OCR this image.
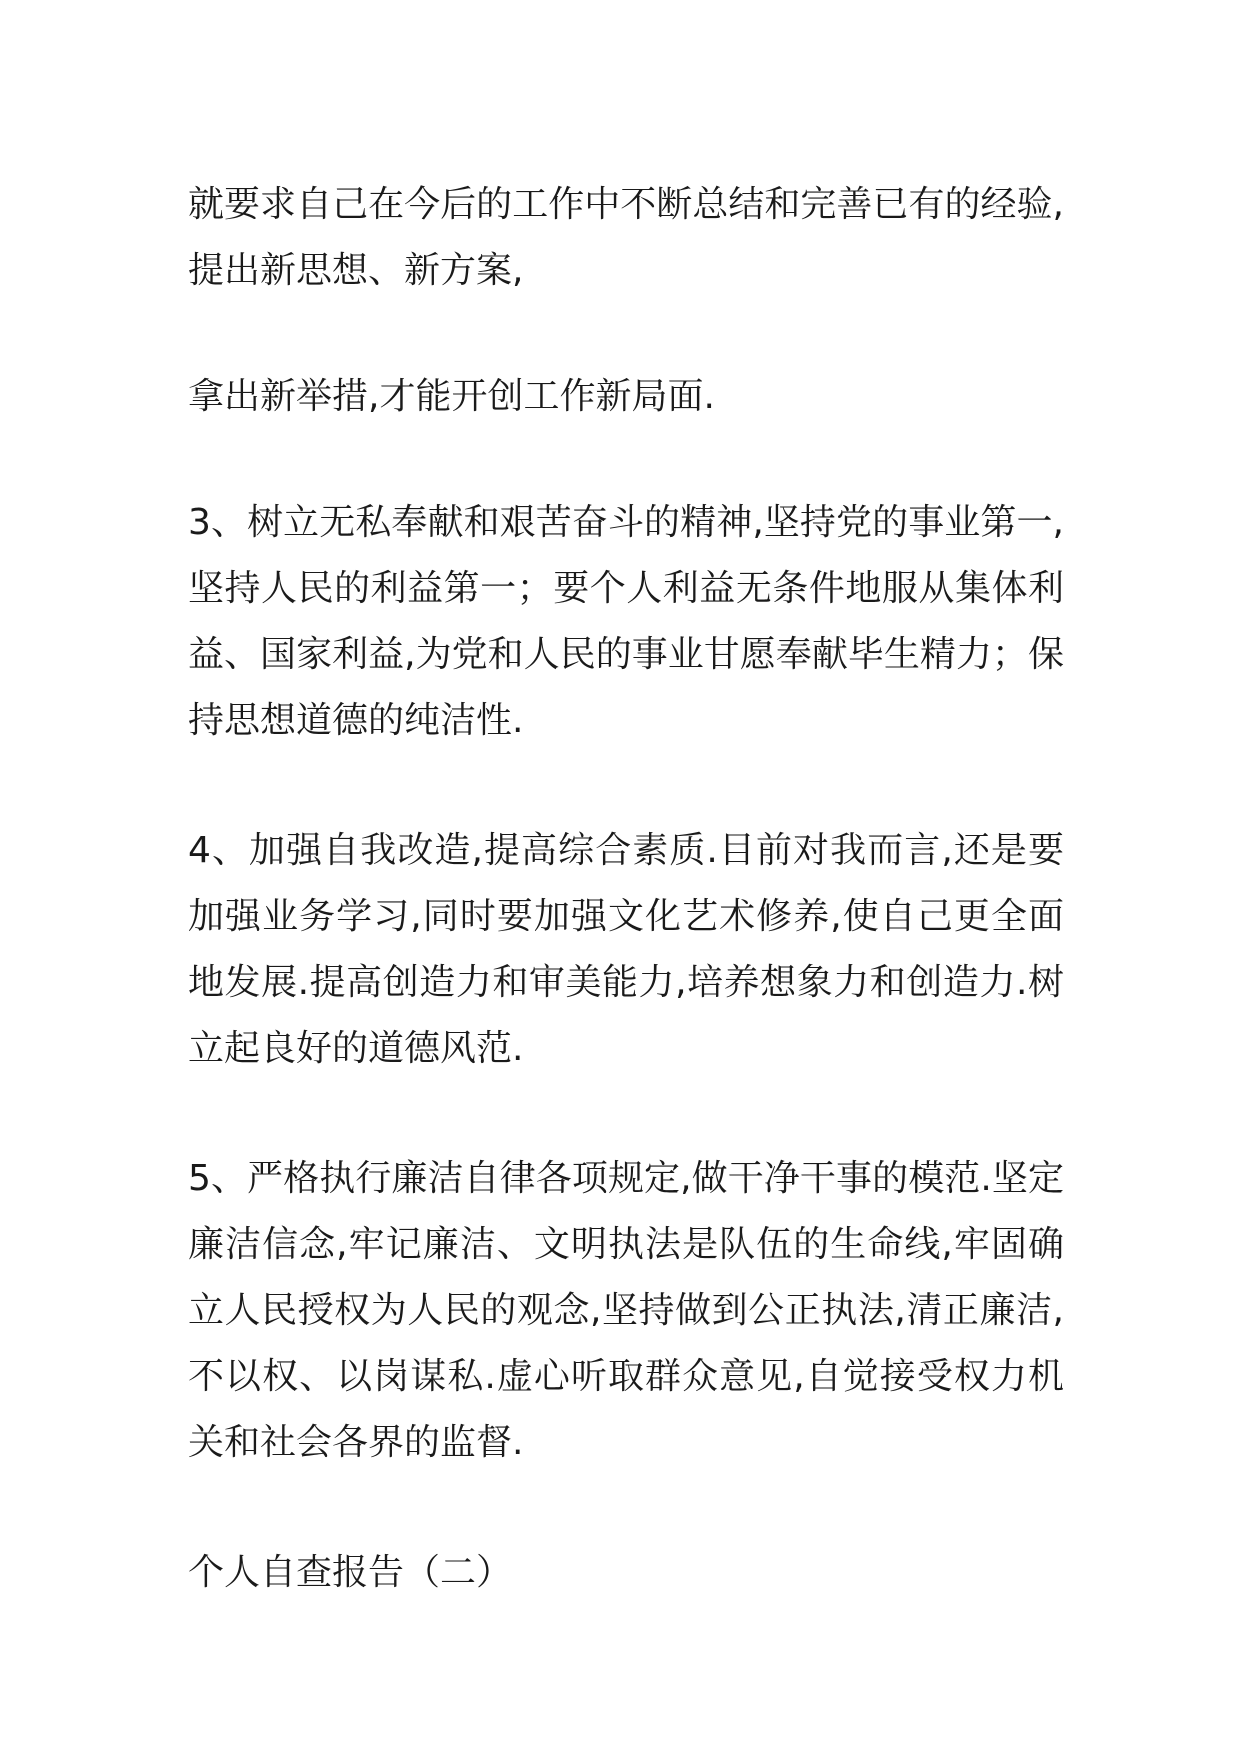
就要求自己在今后的工作中不断总结和完善已有的经验,提出新思想、新方案,

拿出新举措,才能开创工作新局面.

3、树立无私奉献和艰苦奋斗的精神,坚持党的事业第一,坚持人民的利益第一；要个人利益无条件地服从集体利益、国家利益,为党和人民的事业甘愿奉献毕生精力；保持思想道德的纯洁性.

4、加强自我改造,提高综合素质.目前对我而言,还是要加强业务学习,同时要加强文化艺术修养,使自己更全面地发展.提高创造力和审美能力,培养想象力和创造力.树立起良好的道德风范.

5、严格执行廉洁自律各项规定,做干净干事的模范.坚定廉洁信念,牢记廉洁、文明执法是队伍的生命线,牢固确立人民授权为人民的观念,坚持做到公正执法,清正廉洁,不以权、以岗谋私.虚心听取群众意见,自觉接受权力机关和社会各界的监督.

个人自查报告（二）
